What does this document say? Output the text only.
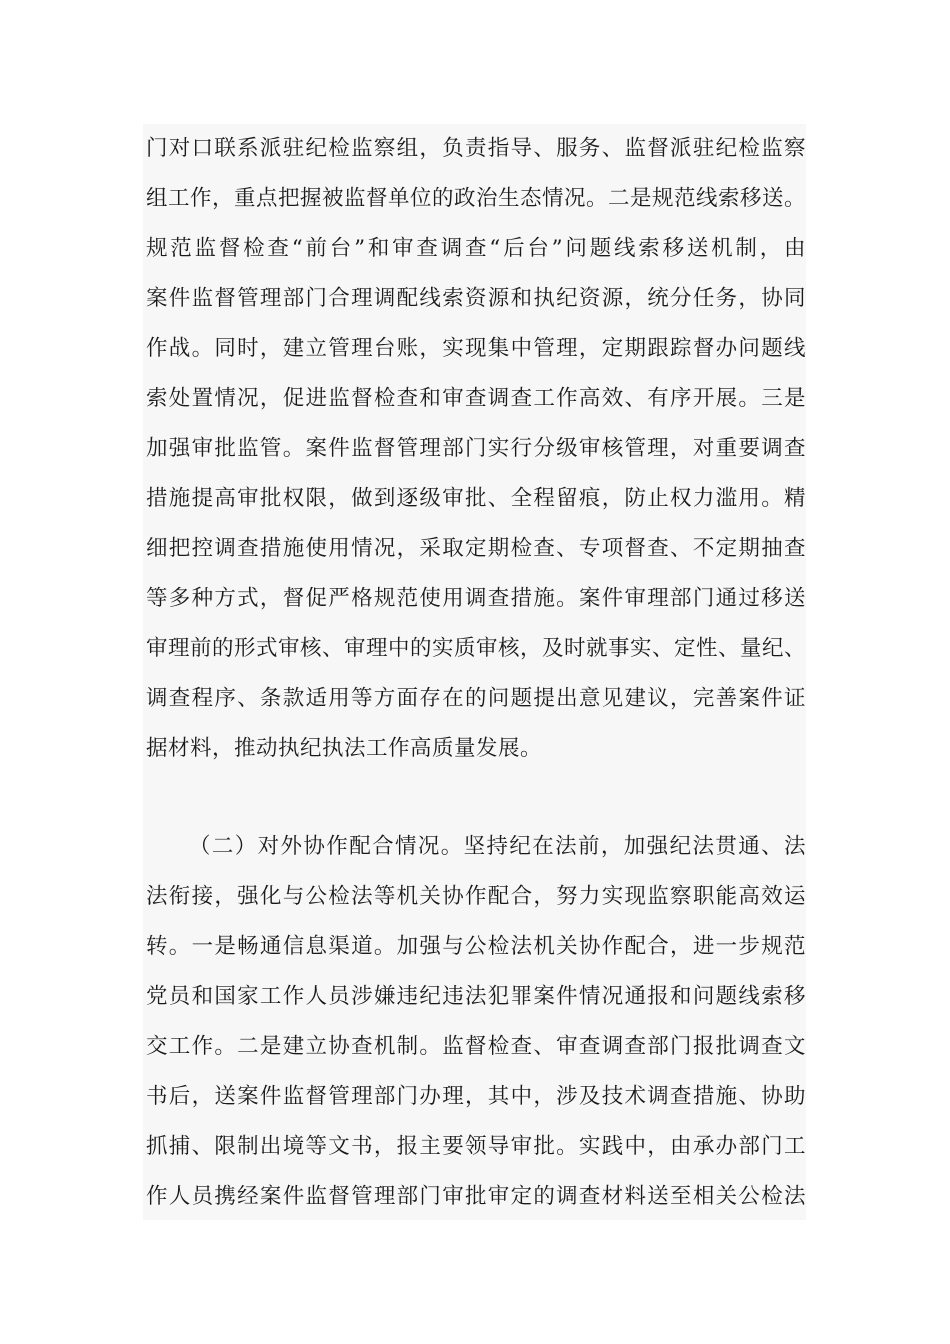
门对口联系派驻纪检监察组，负责指导、服务、监督派驻纪检监察
组工作，重点把握被监督单位的政治生态情况。二是规范线索移送。
规范监督检查“前台”和审查调查“后台”问题线索移送机制，由
案件监督管理部门合理调配线索资源和执纪资源，统分任务，协同
作战。同时，建立管理台账，实现集中管理，定期跟踪督办问题线
索处置情况，促进监督检查和审查调查工作高效、有序开展。三是
加强审批监管。案件监督管理部门实行分级审核管理，对重要调查
措施提高审批权限，做到逐级审批、全程留痕，防止权力滥用。精
细把控调查措施使用情况，采取定期检查、专项督查、不定期抽查
等多种方式，督促严格规范使用调查措施。案件审理部门通过移送
审理前的形式审核、审理中的实质审核，及时就事实、定性、量纪、
调查程序、条款适用等方面存在的问题提出意见建议，完善案件证
据材料，推动执纪执法工作高质量发展。
（二）对外协作配合情况。坚持纪在法前，加强纪法贯通、法
法衔接，强化与公检法等机关协作配合，努力实现监察职能高效运
转。一是畅通信息渠道。加强与公检法机关协作配合，进一步规范
党员和国家工作人员涉嫌违纪违法犯罪案件情况通报和问题线索移
交工作。二是建立协查机制。监督检查、审查调查部门报批调查文
书后，送案件监督管理部门办理，其中，涉及技术调查措施、协助
抓捕、限制出境等文书，报主要领导审批。实践中，由承办部门工
作人员携经案件监督管理部门审批审定的调查材料送至相关公检法
